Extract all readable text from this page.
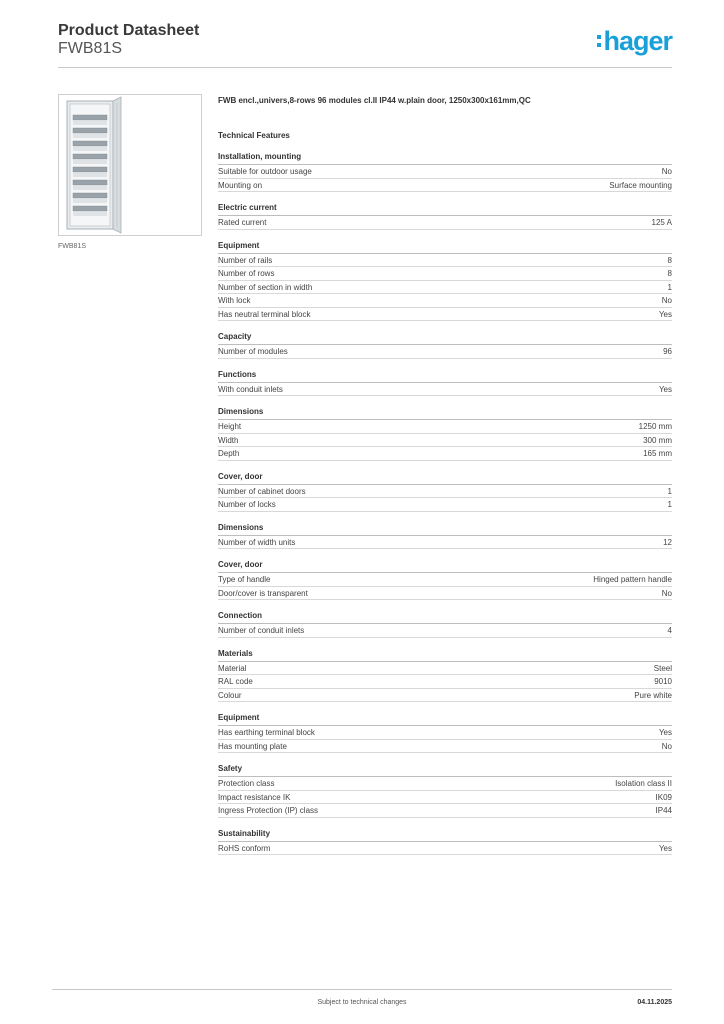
Product Datasheet
FWB81S	hager
FWB81S
FWB encl.,univers,8-rows 96 modules cl.II IP44 w.plain door, 1250x300x161mm,QC
Technical Features
Installation, mounting
Suitable for outdoor usage	No
Mounting on	Surface mounting
Electric current
Rated current	125 A
Equipment
Number of rails	8
Number of rows	8
Number of section in width	1
With lock	No
Has neutral terminal block	Yes
Capacity
Number of modules	96
Functions
With conduit inlets	Yes
Dimensions
Height	1250 mm
Width	300 mm
Depth	165 mm
Cover, door
Number of cabinet doors	1
Number of locks	1
Dimensions
Number of width units	12
Cover, door
Type of handle	Hinged pattern handle
Door/cover is transparent	No
Connection
Number of conduit inlets	4
Materials
Material	Steel
RAL code	9010
Colour	Pure white
Equipment
Has earthing terminal block	Yes
Has mounting plate	No
Safety
Protection class	Isolation class II
Impact resistance IK	IK09
Ingress Protection (IP) class	IP44
Sustainability
RoHS conform	Yes
Subject to technical changes	04.11.2025
